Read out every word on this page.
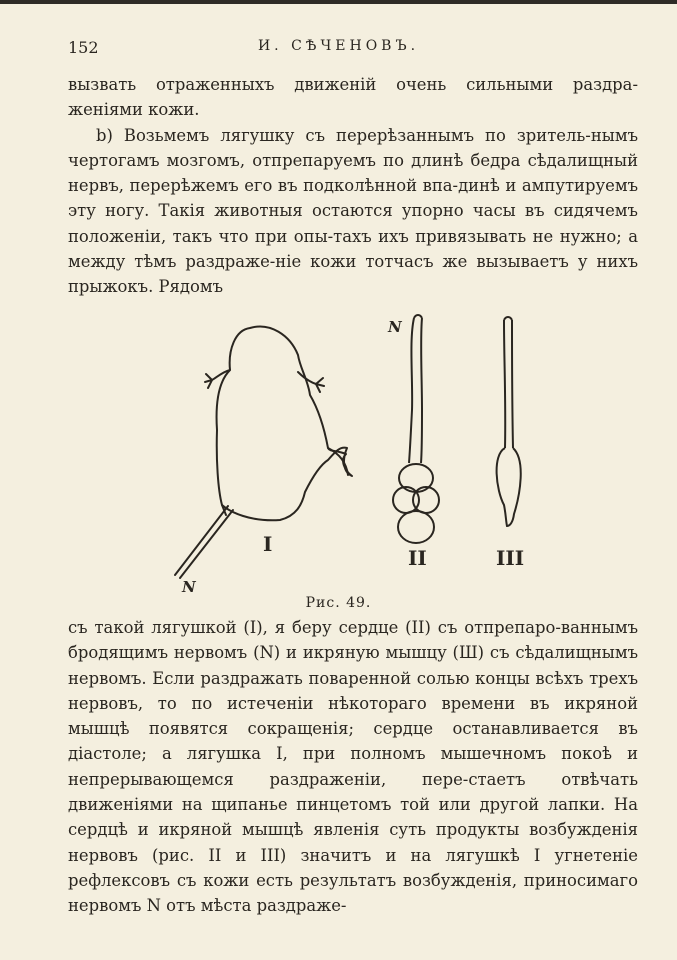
152	И. СѢЧЕНОВЪ.

вызвать отраженныхъ движеній очень сильными раздра-женіями кожи.

b) Возьмемъ лягушку съ перерѣзаннымъ по зритель-нымъ чертогамъ мозгомъ, отпрепаруемъ по длинѣ бедра сѣдалищный нервъ, перерѣжемъ его въ подколѣнной впа-динѣ и ампутируемъ эту ногу. Такія животныя остаются упорно часы въ сидячемъ положеніи, такъ что при опы-тахъ ихъ привязывать не нужно; а между тѣмъ раздраже-ніе кожи тотчасъ же вызываетъ у нихъ прыжокъ. Рядомъ

I
II	III
N
N
Рис. 49.

съ такой лягушкой (I), я беру сердце (II) съ отпрепаро-ваннымъ бродящимъ нервомъ (N) и икряную мышцу (Ш) съ сѣдалищнымъ нервомъ. Если раздражать поваренной солью концы всѣхъ трехъ нервовъ, то по истеченіи нѣкотораго времени въ икряной мышцѣ появятся сокращенія; сердце останавливается въ діастоле; а лягушка I, при полномъ мышечномъ покоѣ и непрерывающемся раздраженіи, пере-стаетъ отвѣчать движеніями на щипанье пинцетомъ той или другой лапки. На сердцѣ и икряной мышцѣ явленія суть продукты возбужденія нервовъ (рис. II и III) значитъ и на лягушкѣ I угнетеніе рефлексовъ съ кожи есть результатъ возбужденія, приносимаго нервомъ N отъ мѣста раздраже-
